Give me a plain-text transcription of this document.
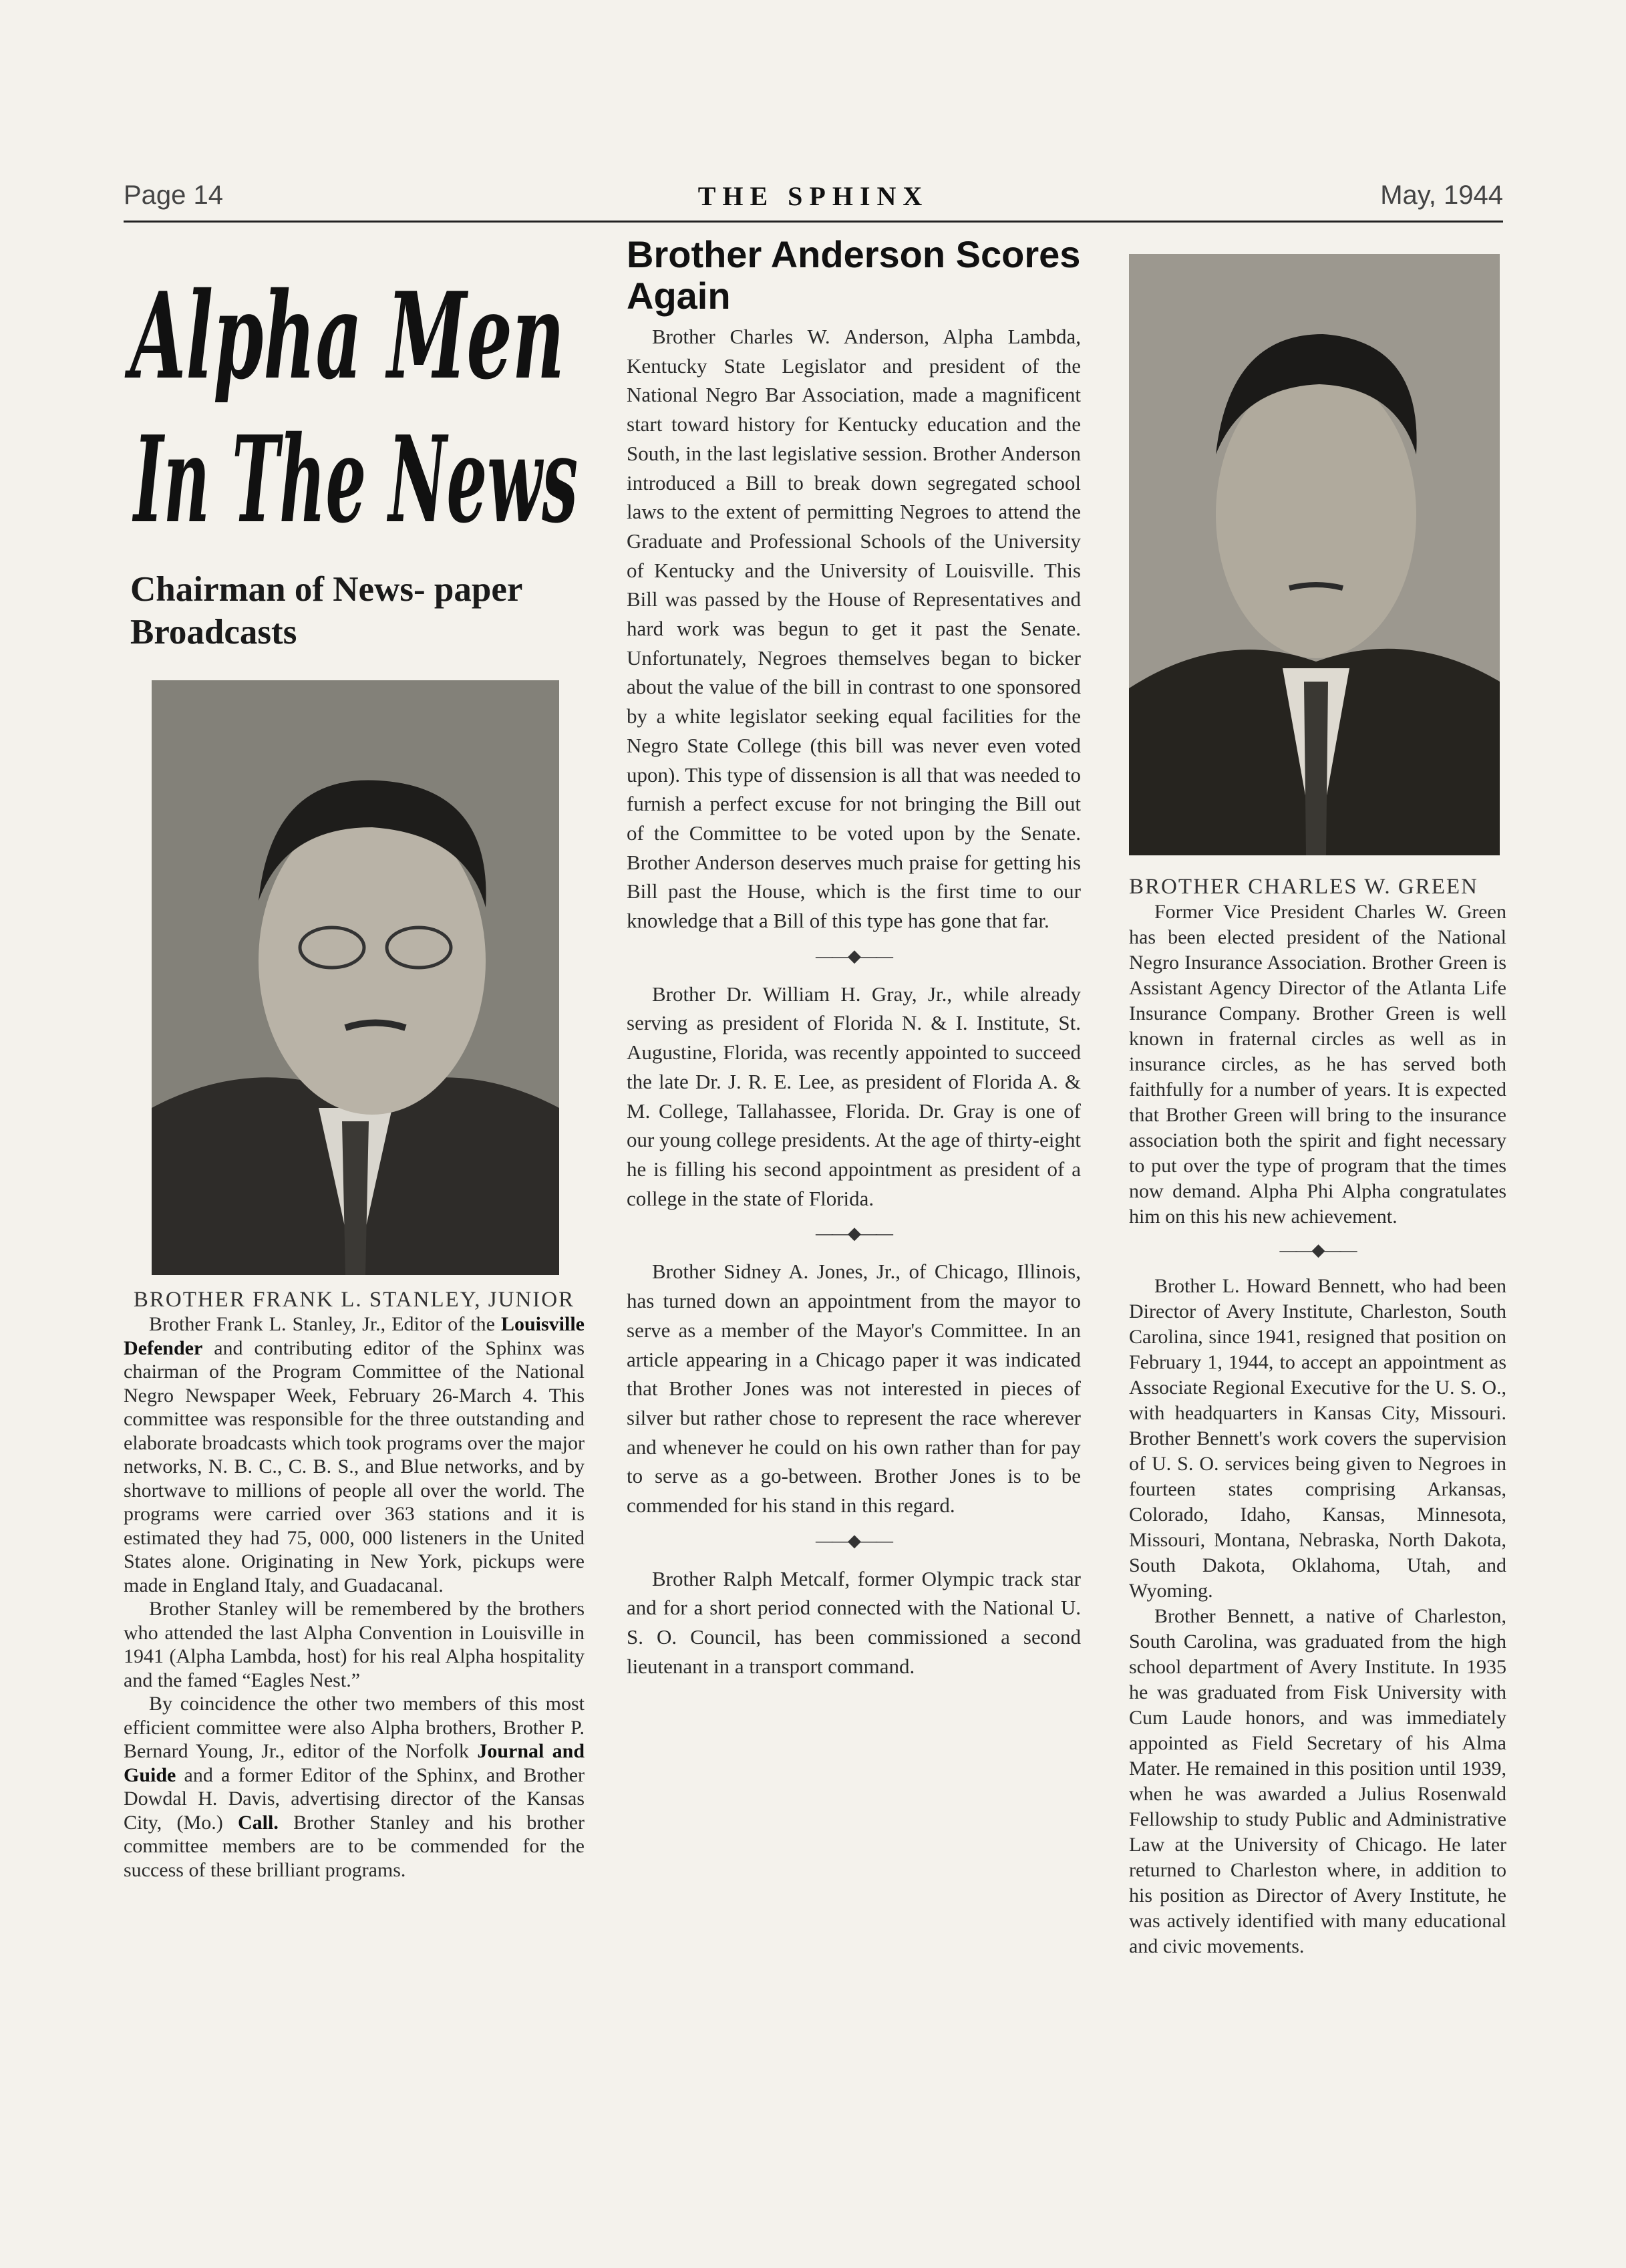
Page 14	THE SPHINX	May, 1944
Alpha Men
In The News
Chairman of News- paper Broadcasts
BROTHER FRANK L. STANLEY, JUNIOR

Brother Frank L. Stanley, Jr., Editor of the Louisville Defender and contributing editor of the Sphinx was chairman of the Program Committee of the National Negro Newspaper Week, February 26-March 4. This committee was responsible for the three outstanding and elaborate broadcasts which took programs over the major networks, N. B. C., C. B. S., and Blue networks, and by shortwave to millions of people all over the world. The programs were carried over 363 stations and it is estimated they had 75, 000, 000 listeners in the United States alone. Originating in New York, pickups were made in England Italy, and Guadacanal.

Brother Stanley will be remembered by the brothers who attended the last Alpha Convention in Louisville in 1941 (Alpha Lambda, host) for his real Alpha hospitality and the famed “Eagles Nest.”

By coincidence the other two members of this most efficient committee were also Alpha brothers, Brother P. Bernard Young, Jr., editor of the Norfolk Journal and Guide and a former Editor of the Sphinx, and Brother Dowdal H. Davis, advertising director of the Kansas City, (Mo.) Call. Brother Stanley and his brother committee members are to be commended for the success of these brilliant programs.

Brother Anderson Scores Again

Brother Charles W. Anderson, Alpha Lambda, Kentucky State Legislator and president of the National Negro Bar Association, made a magnificent start toward history for Kentucky education and the South, in the last legislative session. Brother Anderson introduced a Bill to break down segregated school laws to the extent of permitting Negroes to attend the Graduate and Professional Schools of the University of Kentucky and the University of Louisville. This Bill was passed by the House of Representatives and hard work was begun to get it past the Senate. Unfortunately, Negroes themselves began to bicker about the value of the bill in contrast to one sponsored by a white legislator seeking equal facilities for the Negro State College (this bill was never even voted upon). This type of dissension is all that was needed to furnish a perfect excuse for not bringing the Bill out of the Committee to be voted upon by the Senate. Brother Anderson deserves much praise for getting his Bill past the House, which is the first time to our knowledge that a Bill of this type has gone that far.

——◆——

Brother Dr. William H. Gray, Jr., while already serving as president of Florida N. & I. Institute, St. Augustine, Florida, was recently appointed to succeed the late Dr. J. R. E. Lee, as president of Florida A. & M. College, Tallahassee, Florida. Dr. Gray is one of our young college presidents. At the age of thirty-eight he is filling his second appointment as president of a college in the state of Florida.

——◆——

Brother Sidney A. Jones, Jr., of Chicago, Illinois, has turned down an appointment from the mayor to serve as a member of the Mayor's Committee. In an article appearing in a Chicago paper it was indicated that Brother Jones was not interested in pieces of silver but rather chose to represent the race wherever and whenever he could on his own rather than for pay to serve as a go-between. Brother Jones is to be commended for his stand in this regard.

——◆——

Brother Ralph Metcalf, former Olympic track star and for a short period connected with the National U. S. O. Council, has been commissioned a second lieutenant in a transport command.

BROTHER CHARLES W. GREEN

Former Vice President Charles W. Green has been elected president of the National Negro Insurance Association. Brother Green is Assistant Agency Director of the Atlanta Life Insurance Company. Brother Green is well known in fraternal circles as well as in insurance circles, as he has served both faithfully for a number of years. It is expected that Brother Green will bring to the insurance association both the spirit and fight necessary to put over the type of program that the times now demand. Alpha Phi Alpha congratulates him on this his new achievement.

——◆——

Brother L. Howard Bennett, who had been Director of Avery Institute, Charleston, South Carolina, since 1941, resigned that position on February 1, 1944, to accept an appointment as Associate Regional Executive for the U. S. O., with headquarters in Kansas City, Missouri. Brother Bennett's work covers the supervision of U. S. O. services being given to Negroes in fourteen states comprising Arkansas, Colorado, Idaho, Kansas, Minnesota, Missouri, Montana, Nebraska, North Dakota, South Dakota, Oklahoma, Utah, and Wyoming.

Brother Bennett, a native of Charleston, South Carolina, was graduated from the high school department of Avery Institute. In 1935 he was graduated from Fisk University with Cum Laude honors, and was immediately appointed as Field Secretary of his Alma Mater. He remained in this position until 1939, when he was awarded a Julius Rosenwald Fellowship to study Public and Administrative Law at the University of Chicago. He later returned to Charleston where, in addition to his position as Director of Avery Institute, he was actively identified with many educational and civic movements.
